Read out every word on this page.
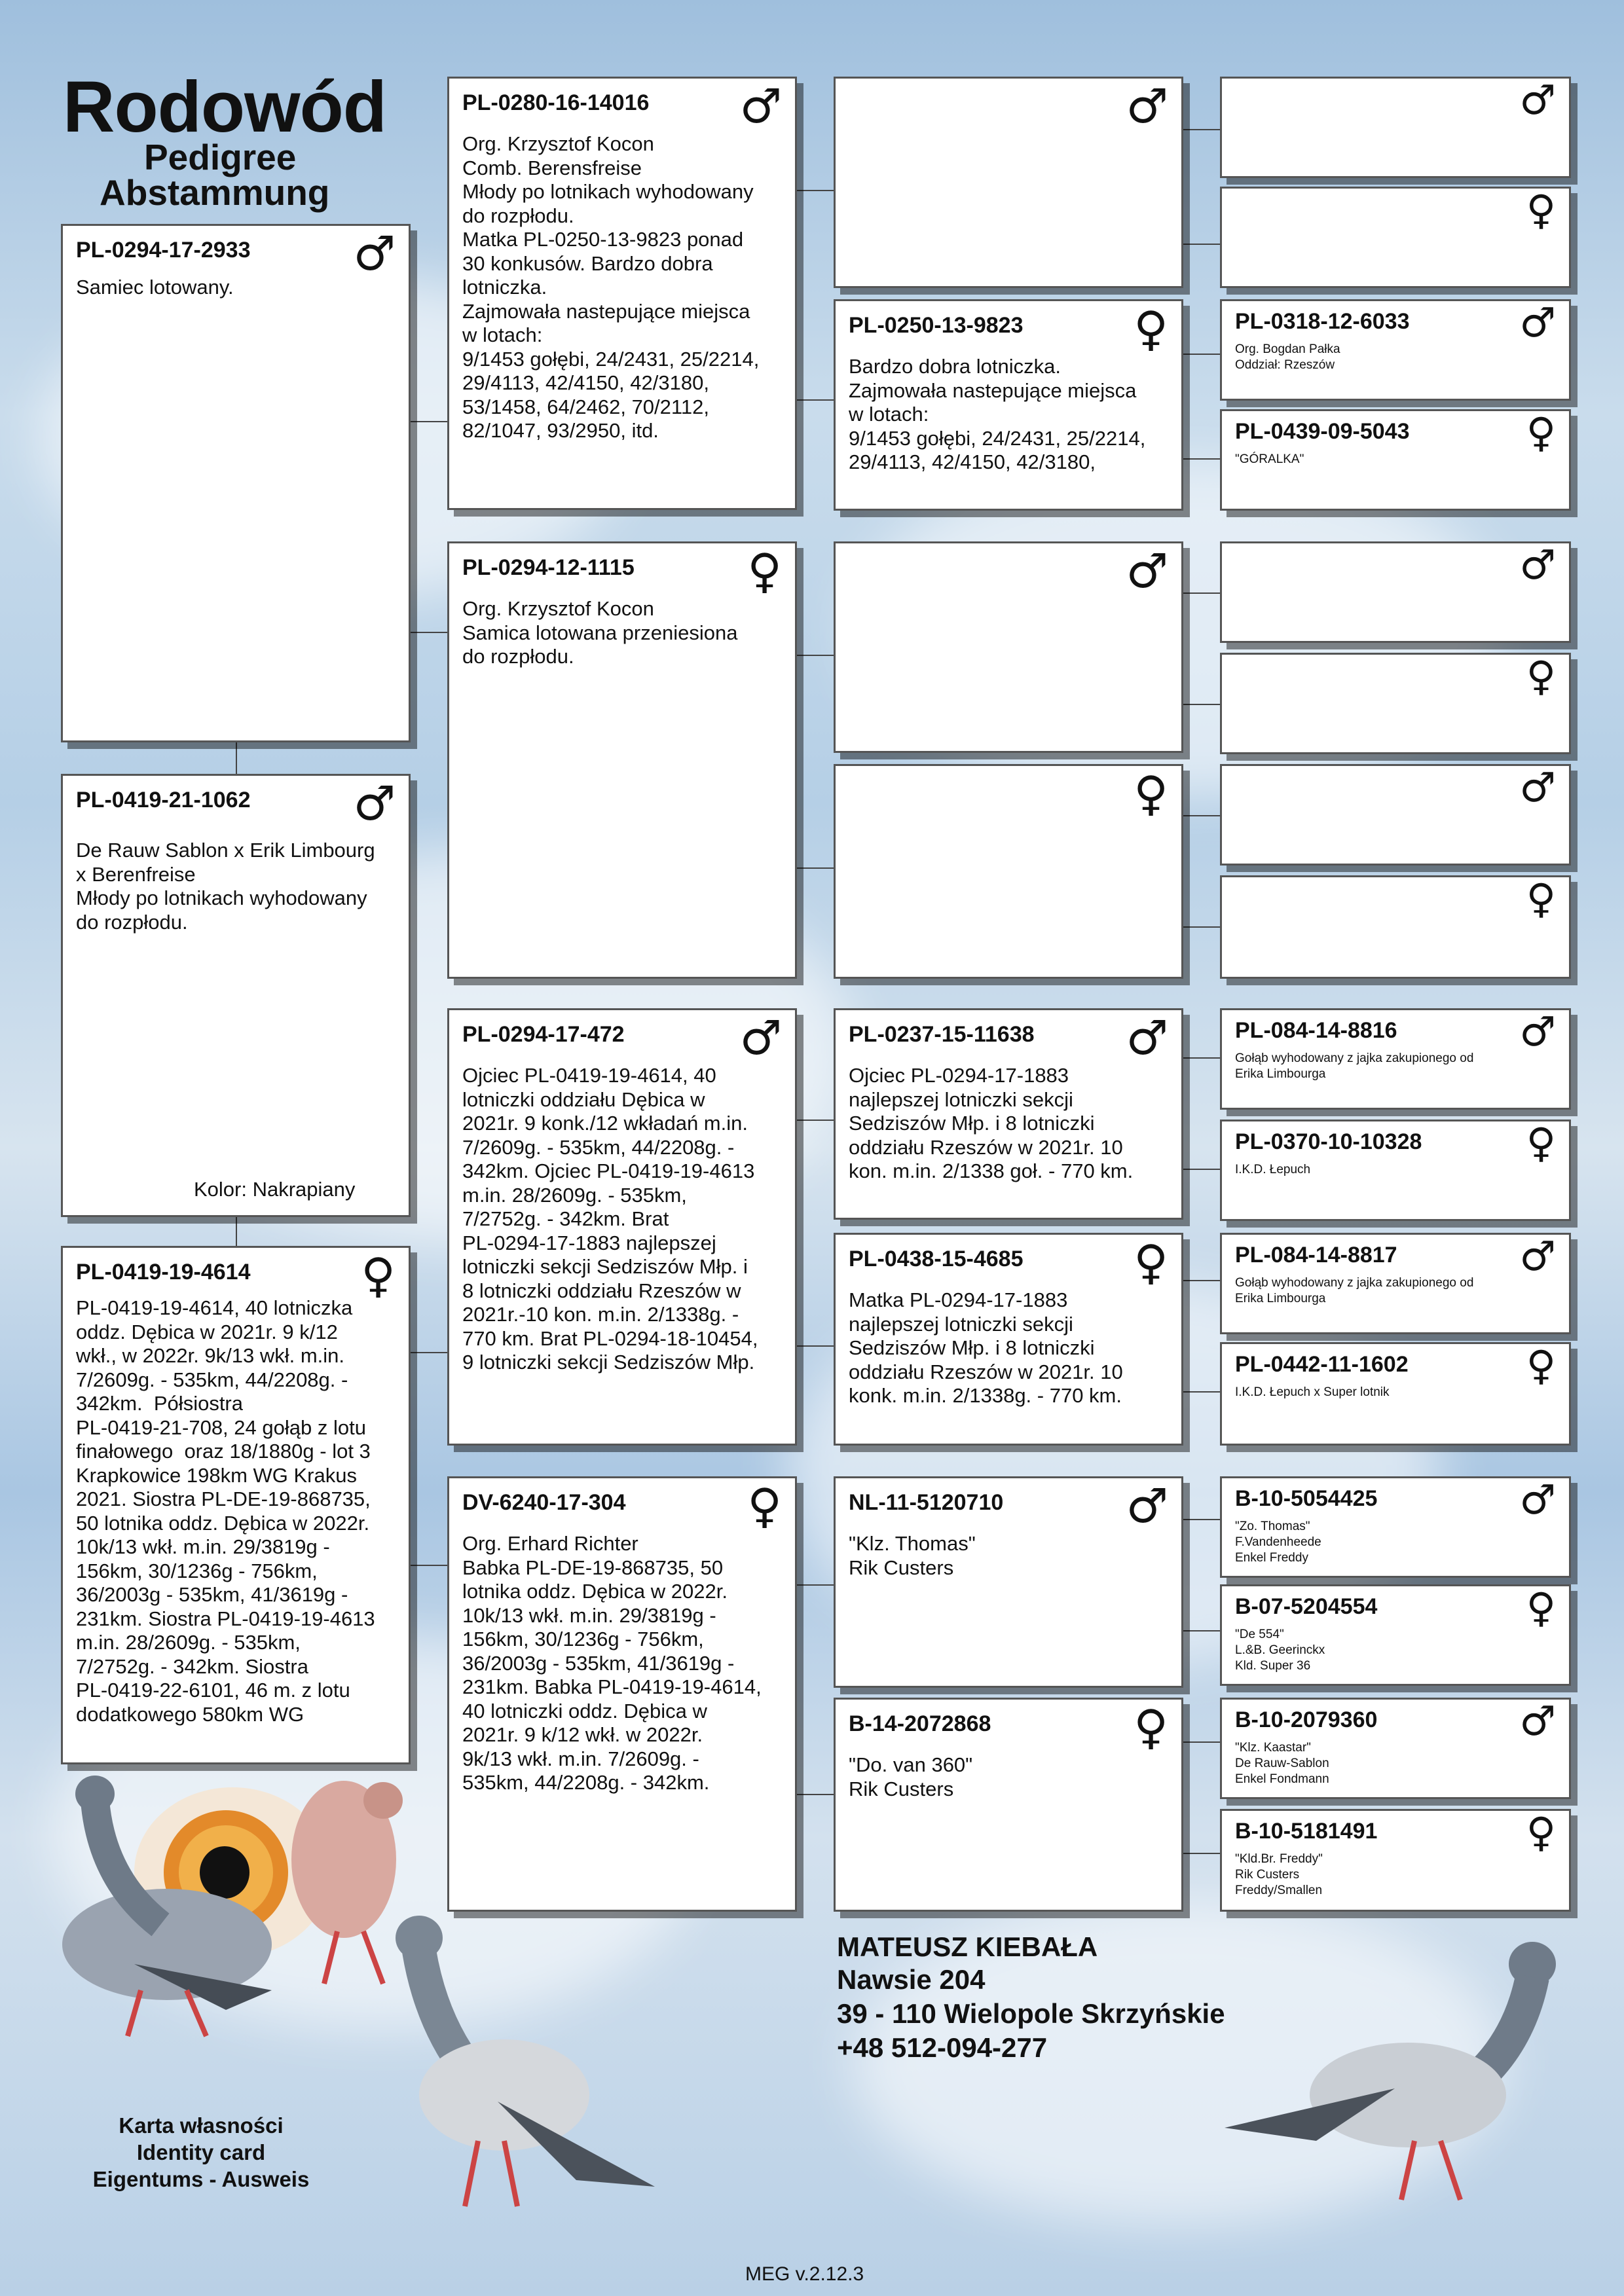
Rodowód
Pedigree
Abstammung
PL-0294-17-2933 ♂
Samiec lotowany.
PL-0419-21-1062 ♂
De Rauw Sablon x Erik Limbourg
x Berenfreise
Młody po lotnikach wyhodowany
do rozpłodu.
Kolor: Nakrapiany
PL-0419-19-4614 ♀
PL-0419-19-4614, 40 lotniczka
oddz. Dębica w 2021r. 9 k/12
wkł., w 2022r. 9k/13 wkł. m.in.
7/2609g. - 535km, 44/2208g. -
342km.  Półsiostra
PL-0419-21-708, 24 gołąb z lotu
finałowego  oraz 18/1880g - lot 3
Krapkowice 198km WG Krakus
2021. Siostra PL-DE-19-868735,
50 lotnika oddz. Dębica w 2022r.
10k/13 wkł. m.in. 29/3819g -
156km, 30/1236g - 756km,
36/2003g - 535km, 41/3619g -
231km. Siostra PL-0419-19-4613
m.in. 28/2609g. - 535km,
7/2752g. - 342km. Siostra
PL-0419-22-6101, 46 m. z lotu
dodatkowego 580km WG
PL-0280-16-14016 ♂
Org. Krzysztof Kocon
Comb. Berensfreise
Młody po lotnikach wyhodowany
do rozpłodu.
Matka PL-0250-13-9823 ponad
30 konkusów. Bardzo dobra
lotniczka.
Zajmowała nastepujące miejsca
w lotach:
9/1453 gołębi, 24/2431, 25/2214,
29/4113, 42/4150, 42/3180,
53/1458, 64/2462, 70/2112,
82/1047, 93/2950, itd.
PL-0294-12-1115 ♀
Org. Krzysztof Kocon
Samica lotowana przeniesiona
do rozpłodu.
PL-0294-17-472 ♂
Ojciec PL-0419-19-4614, 40
lotniczki oddziału Dębica w
2021r. 9 konk./12 wkładań m.in.
7/2609g. - 535km, 44/2208g. -
342km. Ojciec PL-0419-19-4613
m.in. 28/2609g. - 535km,
7/2752g. - 342km. Brat
PL-0294-17-1883 najlepszej
lotniczki sekcji Sedziszów Młp. i
8 lotniczki oddziału Rzeszów w
2021r.-10 kon. m.in. 2/1338g. -
770 km. Brat PL-0294-18-10454,
9 lotniczki sekcji Sedziszów Młp.
DV-6240-17-304	♀
Org. Erhard Richter
Babka PL-DE-19-868735, 50
lotnika oddz. Dębica w 2022r.
10k/13 wkł. m.in. 29/3819g -
156km, 30/1236g - 756km,
36/2003g - 535km, 41/3619g -
231km. Babka PL-0419-19-4614,
40 lotniczki oddz. Dębica w
2021r. 9 k/12 wkł. w 2022r.
9k/13 wkł. m.in. 7/2609g. -
535km, 44/2208g. - 342km.
♂
PL-0250-13-9823 ♀
Bardzo dobra lotniczka.
Zajmowała nastepujące miejsca
w lotach:
9/1453 gołębi, 24/2431, 25/2214,
29/4113, 42/4150, 42/3180,
♂
♀
PL-0237-15-11638 ♂
Ojciec PL-0294-17-1883
najlepszej lotniczki sekcji
Sedziszów Młp. i 8 lotniczki
oddziału Rzeszów w 2021r. 10
kon. m.in. 2/1338 goł. - 770 km.
PL-0438-15-4685 ♀
Matka PL-0294-17-1883
najlepszej lotniczki sekcji
Sedziszów Młp. i 8 lotniczki
oddziału Rzeszów w 2021r. 10
konk. m.in. 2/1338g. - 770 km.
NL-11-5120710	♂
"Klz. Thomas"
Rik Custers
B-14-2072868	♀
"Do. van 360"
Rik Custers
♂
♀
PL-0318-12-6033	♂
Org. Bogdan Pałka
Oddział: Rzeszów
PL-0439-09-5043	♀
"GÓRALKA"
♂
♀
♂
♀
PL-084-14-8816	♂
Gołąb wyhodowany z jajka zakupionego od
Erika Limbourga
PL-0370-10-10328	♀
I.K.D. Łepuch
PL-084-14-8817	♂
Gołąb wyhodowany z jajka zakupionego od
Erika Limbourga
PL-0442-11-1602	♀
I.K.D. Łepuch x Super lotnik
B-10-5054425	♂
"Zo. Thomas"
F.Vandenheede
Enkel Freddy
B-07-5204554	♀
"De 554"
L.&B. Geerinckx
Kld. Super 36
B-10-2079360	♂
"Klz. Kaastar"
De Rauw-Sablon
Enkel Fondmann
B-10-5181491	♀
"Kld.Br. Freddy"
Rik Custers
Freddy/Smallen
MATEUSZ KIEBAŁA
Nawsie 204
39 - 110 Wielopole Skrzyńskie
+48 512-094-277
Karta własności
Identity card
Eigentums - Ausweis
MEG v.2.12.3
